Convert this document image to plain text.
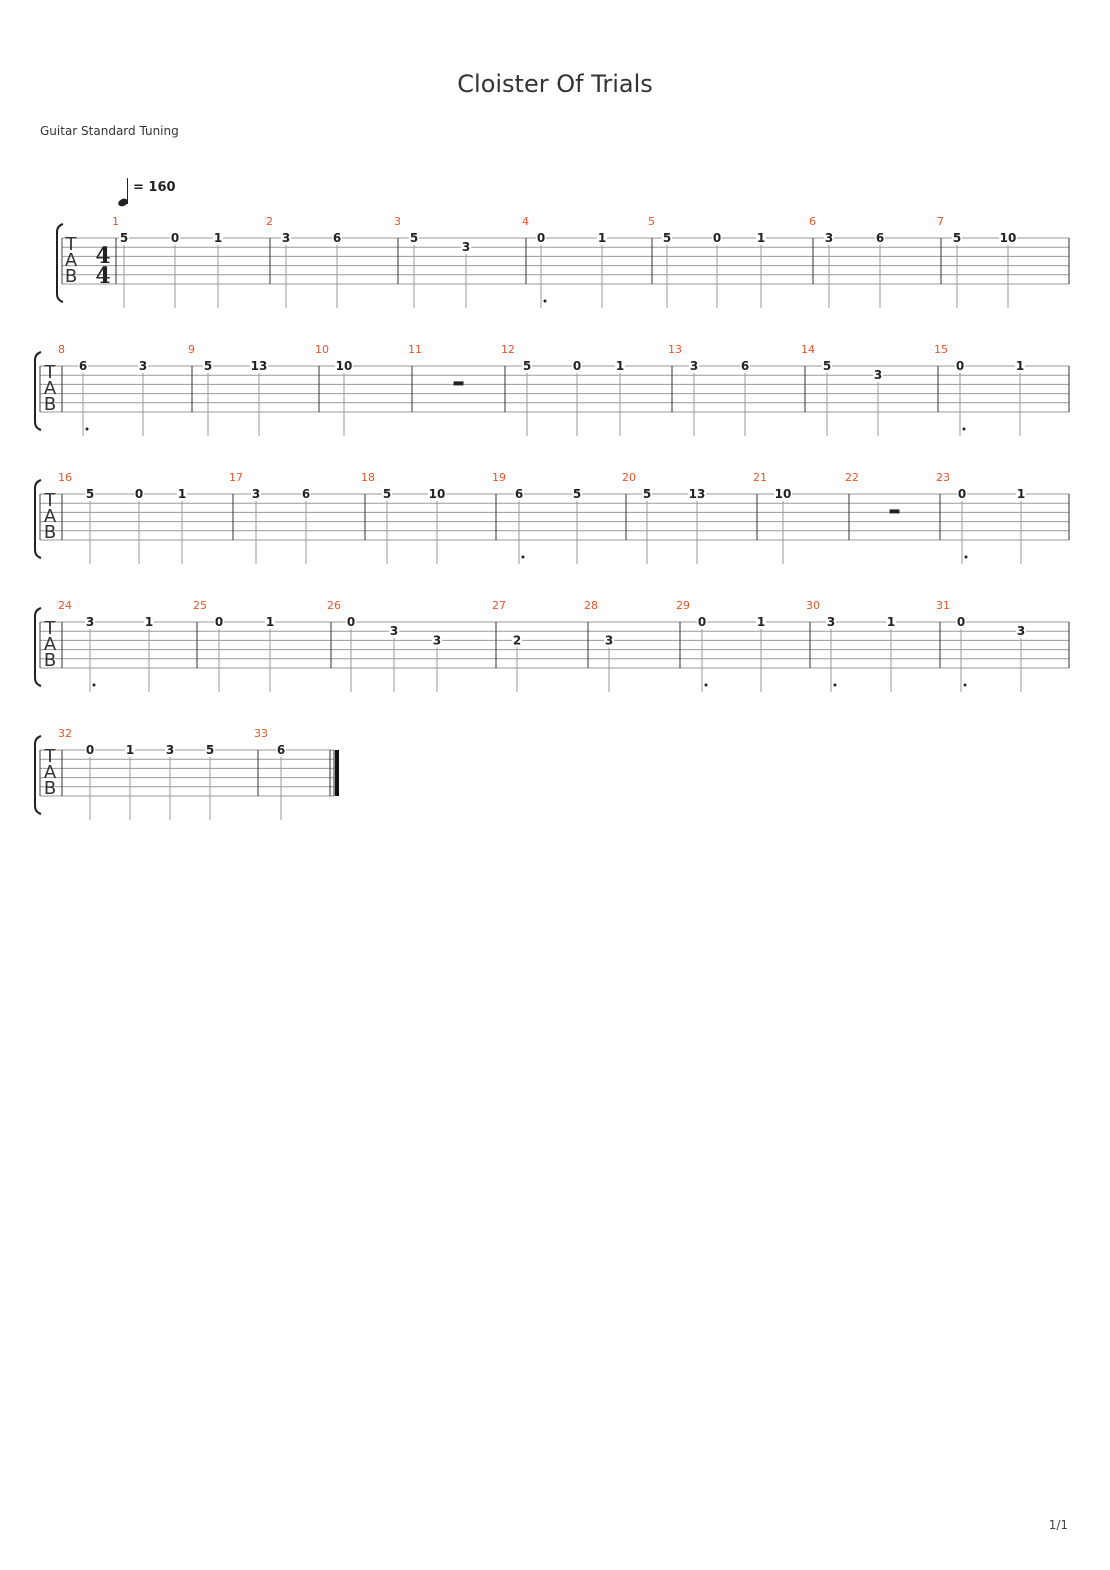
Cloister Of Trials
Guitar Standard Tuning
= 160
T
A
B
4
4
1
5	0	1
2
3	6
3
5
3
4
0	1
5
5	0	1
6
3	6
7
5	10
T
A
B
8
6	3
9
5	13
10
10
11	12
5	0	1
13
3	6
14
5
3
15
0	1
T
A
B
16
5	0	1
17
3	6
18
5	10
19
6	5
20
5	13
21
10
22	23
0	1
T
A
B
24
3	1
25
0	1
26
0
3
3
27
2
28
3
29
0	1
30
3	1
31
0
3
T
A
B
32
0	1	3	5
33
6
1/1
